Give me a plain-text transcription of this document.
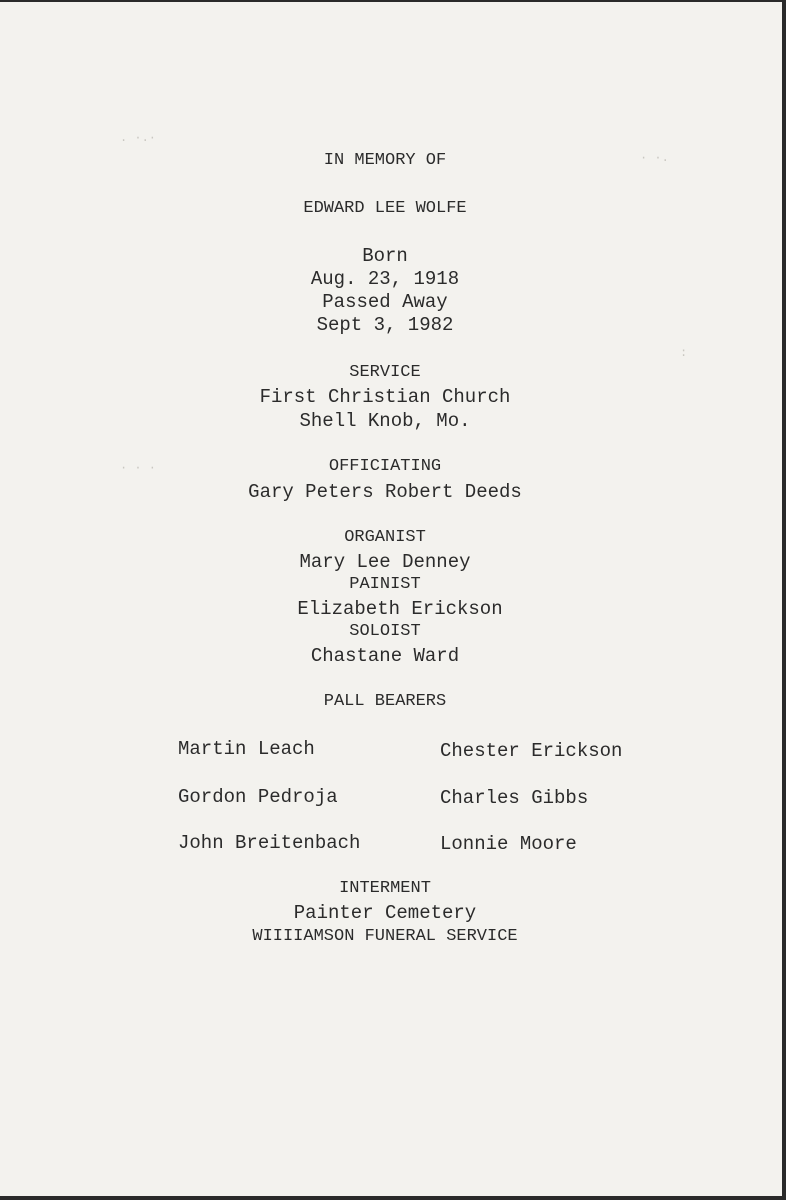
. ·.·
· ·.
· · ·
:
IN MEMORY OF
EDWARD LEE WOLFE
Born
Aug. 23, 1918
Passed Away
Sept 3, 1982
SERVICE
First Christian Church
Shell Knob, Mo.
OFFICIATING
Gary Peters Robert Deeds
ORGANIST
Mary Lee Denney
PAINIST
Elizabeth Erickson
SOLOIST
Chastane Ward
PALL BEARERS
Martin Leach	Chester Erickson
Gordon Pedroja	Charles Gibbs
John Breitenbach	Lonnie Moore
INTERMENT
Painter Cemetery
WIIIIAMSON FUNERAL SERVICE
